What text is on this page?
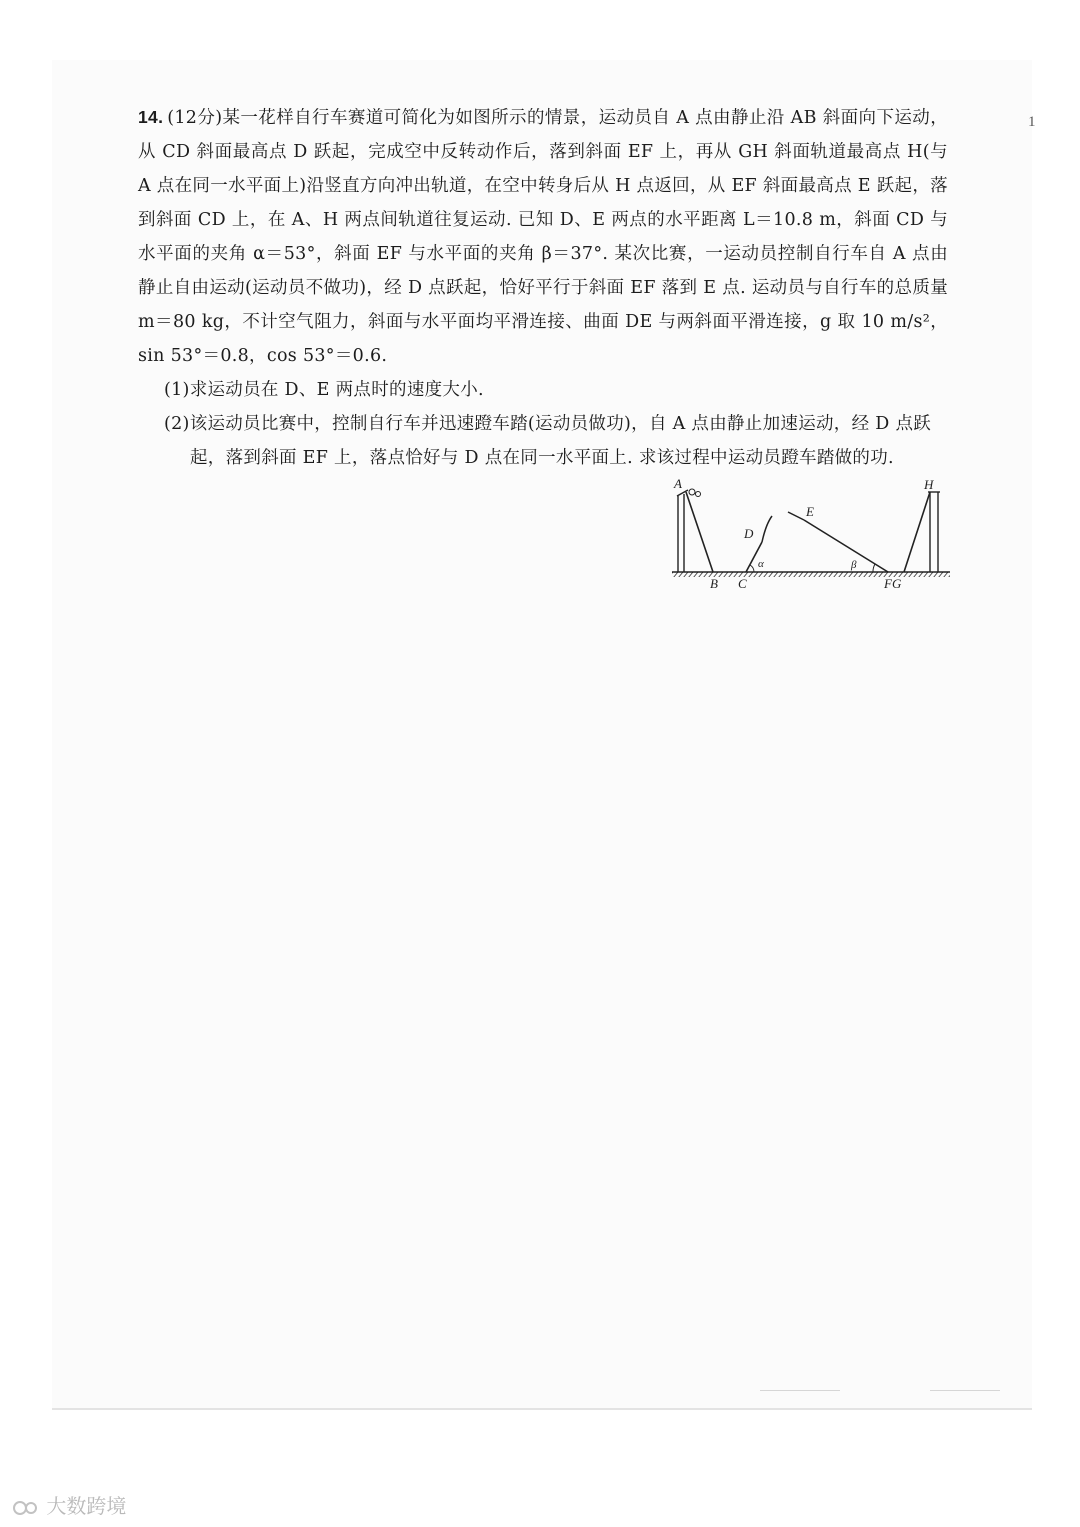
1

14. (12分)某一花样自行车赛道可简化为如图所示的情景，运动员自 A 点由静止沿 AB 斜面向下运动，从 CD 斜面最高点 D 跃起，完成空中反转动作后，落到斜面 EF 上，再从 GH 斜面轨道最高点 H(与 A 点在同一水平面上)沿竖直方向冲出轨道，在空中转身后从 H 点返回，从 EF 斜面最高点 E 跃起，落到斜面 CD 上，在 A、H 两点间轨道往复运动. 已知 D、E 两点的水平距离 L＝10.8 m，斜面 CD 与水平面的夹角 α＝53°，斜面 EF 与水平面的夹角 β＝37°. 某次比赛，一运动员控制自行车自 A 点由静止自由运动(运动员不做功)，经 D 点跃起，恰好平行于斜面 EF 落到 E 点. 运动员与自行车的总质量 m＝80 kg，不计空气阻力，斜面与水平面均平滑连接、曲面 DE 与两斜面平滑连接，g 取 10 m/s²，sin 53°＝0.8，cos 53°＝0.6.

(1)求运动员在 D、E 两点时的速度大小.

(2)该运动员比赛中，控制自行车并迅速蹬车踏(运动员做功)，自 A 点由静止加速运动，经 D 点跃起，落到斜面 EF 上，落点恰好与 D 点在同一水平面上. 求该过程中运动员蹬车踏做的功.

A
B C
D
E
FG
H
α	β
大数跨境
